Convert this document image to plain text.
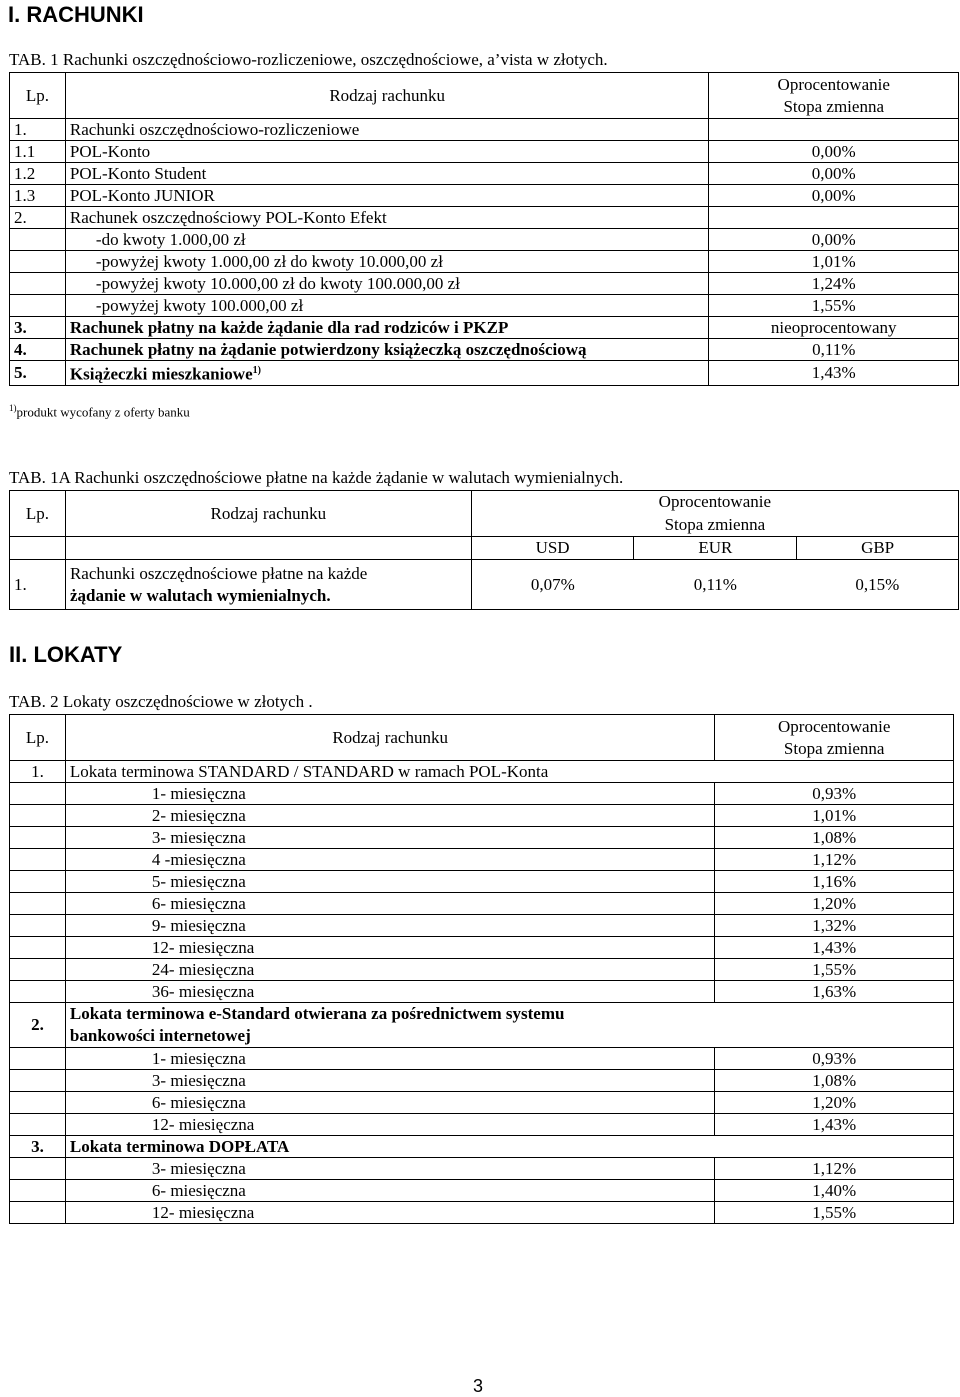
I. RACHUNKI
TAB. 1 Rachunki oszczędnościowo-rozliczeniowe, oszczędnościowe, a’vista w złotych.
Lp.	Rodzaj rachunku	Oprocentowanie
Stopa zmienna

1.	Rachunki oszczędnościowo-rozliczeniowe	
1.1	POL-Konto	0,00%
1.2	POL-Konto Student	0,00%
1.3	POL-Konto JUNIOR	0,00%
2.	Rachunek oszczędnościowy POL-Konto Efekt	
	-do kwoty 1.000,00 zł	0,00%
	-powyżej kwoty 1.000,00 zł do kwoty 10.000,00 zł	1,01%
	-powyżej kwoty 10.000,00 zł do kwoty 100.000,00 zł	1,24%
	-powyżej kwoty 100.000,00 zł	1,55%
3.	Rachunek płatny na każde żądanie dla rad rodziców i PKZP	nieoprocentowany
4.	Rachunek płatny na żądanie potwierdzony książeczką oszczędnościową	0,11%
5.	Książeczki mieszkaniowe$^{1)}$	1,43%
$^{1)}$produkt wycofany z oferty banku
TAB. 1A Rachunki oszczędnościowe płatne na każde żądanie w walutach wymienialnych.
Lp.	Rodzaj rachunku	Oprocentowanie		
		Stopa zmienna		
		USD	EUR	GBP
1.	Rachunki oszczędnościowe płatne na każde
żądanie w walutach wymienialnych.	0,07%	0,11%	0,15%
II. LOKATY
TAB. 2 Lokaty oszczędnościowe w złotych .
Lp.	Rodzaj rachunku	Oprocentowanie
Stopa zmienna

1.	Lokata terminowa STANDARD / STANDARD w ramach POL-Konta	
	1- miesięczna	0,93%
	2- miesięczna	1,01%
	3- miesięczna	1,08%
	4 -miesięczna	1,12%
	5- miesięczna	1,16%
	6- miesięczna	1,20%
	9- miesięczna	1,32%
	12- miesięczna	1,43%
	24- miesięczna	1,55%
	36- miesięczna	1,63%
2.	Lokata terminowa e-Standard otwierana za pośrednictwem systemu
bankowości internetowej	

	1- miesięczna	0,93%
	3- miesięczna	1,08%
	6- miesięczna	1,20%
	12- miesięczna	1,43%
3.	Lokata terminowa DOPŁATA	
	3- miesięczna	1,12%
	6- miesięczna	1,40%
	12- miesięczna	1,55%
3
